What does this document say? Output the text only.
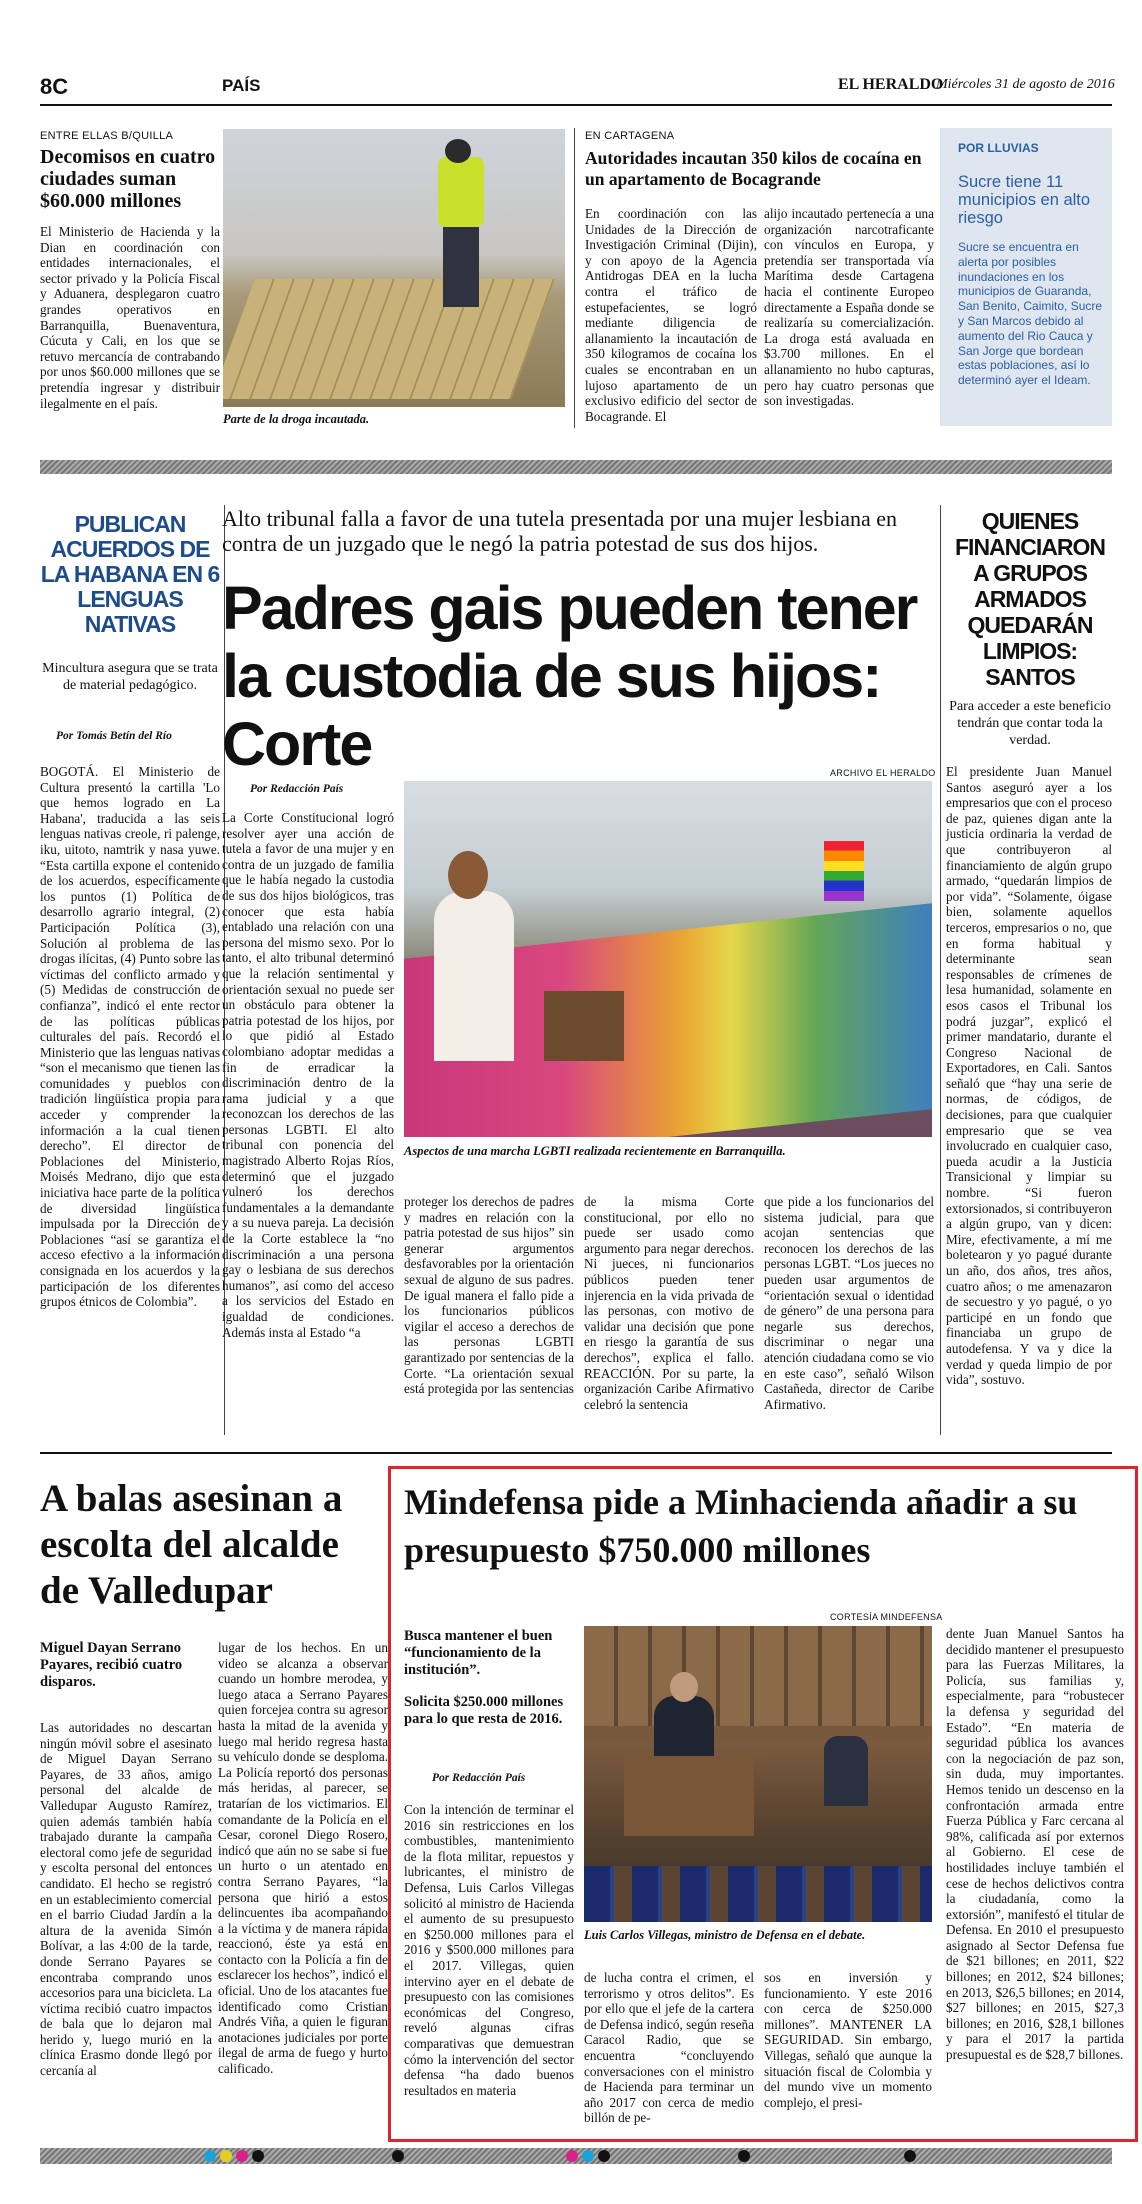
8C	PAÍS	EL HERALDO
Miércoles 31 de agosto de 2016
ENTRE ELLAS B/QUILLA
Decomisos en cuatro ciudades suman $60.000 millones
El Ministerio de Hacienda y la Dian en coordinación con entidades internacionales, el sector privado y la Policía Fiscal y Aduanera, desplegaron cuatro grandes operativos en Barranquilla, Buenaventura, Cúcuta y Cali, en los que se retuvo mercancía de contrabando por unos $60.000 millones que se pretendía ingresar y distribuir ilegalmente en el país.
Parte de la droga incautada.
EN CARTAGENA
Autoridades incautan 350 kilos de cocaína en un apartamento de Bocagrande
En coordinación con las Unidades de la Dirección de Investigación Criminal (Dijin), y con apoyo de la Agencia Antidrogas DEA en la lucha contra el tráfico de estupefacientes, se logró mediante diligencia de allanamiento la incautación de 350 kilogramos de cocaína los cuales se encontraban en un lujoso apartamento de un exclusivo edificio del sector de Bocagrande. El
alijo incautado pertenecía a una organización narcotraficante con vínculos en Europa, y pretendía ser transportada vía Marítima desde Cartagena hacia el continente Europeo directamente a España donde se realizaría su comercialización. La droga está avaluada en $3.700 millones. En el allanamiento no hubo capturas, pero hay cuatro personas que son investigadas.
POR LLUVIAS
Sucre tiene 11 municipios en alto riesgo
Sucre se encuentra en alerta por posibles inundaciones en los municipios de Guaranda, San Benito, Caimito, Sucre y San Marcos debido al aumento del Rio Cauca y San Jorge que bordean estas poblaciones, así lo determinó ayer el Ideam.
PUBLICAN ACUERDOS DE LA HABANA EN 6 LENGUAS NATIVAS
Mincultura asegura que se trata de material pedagógico.
Por Tomás Betín del Río
BOGOTÁ. El Ministerio de Cultura presentó la cartilla 'Lo que hemos logrado en La Habana', traducida a las seis lenguas nativas creole, ri palenge, iku, uitoto, namtrik y nasa yuwe. “Esta cartilla expone el contenido de los acuerdos, específicamente los puntos (1) Política de desarrollo agrario integral, (2) Participación Política (3), Solución al problema de las drogas ilícitas, (4) Punto sobre las víctimas del conflicto armado y (5) Medidas de construcción de confianza”, indicó el ente rector de las políticas públicas culturales del país. Recordó el Ministerio que las lenguas nativas “son el mecanismo que tienen las comunidades y pueblos con tradición lingüística propia para acceder y comprender la información a la cual tienen derecho”. El director de Poblaciones del Ministerio, Moisés Medrano, dijo que esta iniciativa hace parte de la política de diversidad lingüística impulsada por la Dirección de Poblaciones “así se garantiza el acceso efectivo a la información consignada en los acuerdos y la participación de los diferentes grupos étnicos de Colombia”.
Alto tribunal falla a favor de una tutela presentada por una mujer lesbiana en contra de un juzgado que le negó la patria potestad de sus dos hijos.
Padres gais pueden tener la custodia de sus hijos: Corte
Por Redacción País
ARCHIVO EL HERALDO
Aspectos de una marcha LGBTI realizada recientemente en Barranquilla.
La Corte Constitucional logró resolver ayer una acción de tutela a favor de una mujer y en contra de un juzgado de familia que le había negado la custodia de sus dos hijos biológicos, tras conocer que esta había entablado una relación con una persona del mismo sexo. Por lo tanto, el alto tribunal determinó que la relación sentimental y orientación sexual no puede ser un obstáculo para obtener la patria potestad de los hijos, por lo que pidió al Estado colombiano adoptar medidas a fin de erradicar la discriminación dentro de la rama judicial y a que reconozcan los derechos de las personas LGBTI. El alto tribunal con ponencia del magistrado Alberto Rojas Ríos, determinó que el juzgado vulneró los derechos fundamentales a la demandante y a su nueva pareja. La decisión de la Corte establece la “no discriminación a una persona gay o lesbiana de sus derechos humanos”, así como del acceso a los servicios del Estado en igualdad de condiciones. Además insta al Estado “a
proteger los derechos de padres y madres en relación con la patria potestad de sus hijos” sin generar argumentos desfavorables por la orientación sexual de alguno de sus padres. De igual manera el fallo pide a los funcionarios públicos vigilar el acceso a derechos de las personas LGBTI garantizado por sentencias de la Corte. “La orientación sexual está protegida por las sentencias
de la misma Corte constitucional, por ello no puede ser usado como argumento para negar derechos. Ni jueces, ni funcionarios públicos pueden tener injerencia en la vida privada de las personas, con motivo de validar una decisión que pone en riesgo la garantía de sus derechos”, explica el fallo. REACCIÓN. Por su parte, la organización Caribe Afirmativo celebró la sentencia
que pide a los funcionarios del sistema judicial, para que acojan sentencias que reconocen los derechos de las personas LGBT. “Los jueces no pueden usar argumentos de “orientación sexual o identidad de género” de una persona para negarle sus derechos, discriminar o negar una atención ciudadana como se vio en este caso”, señaló Wilson Castañeda, director de Caribe Afirmativo.
QUIENES FINANCIARON A GRUPOS ARMADOS QUEDARÁN LIMPIOS: SANTOS
Para acceder a este beneficio tendrán que contar toda la verdad.
El presidente Juan Manuel Santos aseguró ayer a los empresarios que con el proceso de paz, quienes digan ante la justicia ordinaria la verdad de que contribuyeron al financiamiento de algún grupo armado, “quedarán limpios de por vida”. “Solamente, óigase bien, solamente aquellos terceros, empresarios o no, que en forma habitual y determinante sean responsables de crímenes de lesa humanidad, solamente en esos casos el Tribunal los podrá juzgar”, explicó el primer mandatario, durante el Congreso Nacional de Exportadores, en Cali. Santos señaló que “hay una serie de normas, de códigos, de decisiones, para que cualquier empresario que se vea involucrado en cualquier caso, pueda acudir a la Justicia Transicional y limpiar su nombre. “Si fueron extorsionados, si contribuyeron a algún grupo, van y dicen: Mire, efectivamente, a mí me boletearon y yo pagué durante un año, dos años, tres años, cuatro años; o me amenazaron de secuestro y yo pagué, o yo participé en un fondo que financiaba un grupo de autodefensa. Y va y dice la verdad y queda limpio de por vida”, sostuvo.
A balas asesinan a escolta del alcalde de Valledupar
Miguel Dayan Serrano Payares, recibió cuatro disparos.
Las autoridades no descartan ningún móvil sobre el asesinato de Miguel Dayan Serrano Payares, de 33 años, amigo personal del alcalde de Valledupar Augusto Ramírez, quien además también había trabajado durante la campaña electoral como jefe de seguridad y escolta personal del entonces candidato. El hecho se registró en un establecimiento comercial en el barrio Ciudad Jardín a la altura de la avenida Simón Bolívar, a las 4:00 de la tarde, donde Serrano Payares se encontraba comprando unos accesorios para una bicicleta. La víctima recibió cuatro impactos de bala que lo dejaron mal herido y, luego murió en la clínica Erasmo donde llegó por cercanía al
lugar de los hechos. En un video se alcanza a observar cuando un hombre merodea, y luego ataca a Serrano Payares quien forcejea contra su agresor hasta la mitad de la avenida y luego mal herido regresa hasta su vehículo donde se desploma. La Policía reportó dos personas más heridas, al parecer, se tratarían de los victimarios. El comandante de la Policía en el Cesar, coronel Diego Rosero, indicó que aún no se sabe si fue un hurto o un atentado en contra Serrano Payares, “la persona que hirió a estos delincuentes iba acompañando a la víctima y de manera rápida reaccionó, éste ya está en contacto con la Policía a fin de esclarecer los hechos”, indicó el oficial. Uno de los atacantes fue identificado como Cristian Andrés Viña, a quien le figuran anotaciones judiciales por porte ilegal de arma de fuego y hurto calificado.
Mindefensa pide a Minhacienda añadir a su presupuesto $750.000 millones
Busca mantener el buen “funcionamiento de la institución”.
Solicita $250.000 millones para lo que resta de 2016.
Por Redacción País
Con la intención de terminar el 2016 sin restricciones en los combustibles, mantenimiento de la flota militar, repuestos y lubricantes, el ministro de Defensa, Luis Carlos Villegas solicitó al ministro de Hacienda el aumento de su presupuesto en $250.000 millones para el 2016 y $500.000 millones para el 2017. Villegas, quien intervino ayer en el debate de presupuesto con las comisiones económicas del Congreso, reveló algunas cifras comparativas que demuestran cómo la intervención del sector defensa “ha dado buenos resultados en materia
CORTESÍA MINDEFENSA
Luis Carlos Villegas, ministro de Defensa en el debate.
de lucha contra el crimen, el terrorismo y otros delitos”. Es por ello que el jefe de la cartera de Defensa indicó, según reseña Caracol Radio, que se encuentra “concluyendo conversaciones con el ministro de Hacienda para terminar un año 2017 con cerca de medio billón de pe-
sos en inversión y funcionamiento. Y este 2016 con cerca de $250.000 millones”. MANTENER LA SEGURIDAD. Sin embargo, Villegas, señaló que aunque la situación fiscal de Colombia y del mundo vive un momento complejo, el presi-
dente Juan Manuel Santos ha decidido mantener el presupuesto para las Fuerzas Militares, la Policía, sus familias y, especialmente, para “robustecer la defensa y seguridad del Estado”. “En materia de seguridad pública los avances con la negociación de paz son, sin duda, muy importantes. Hemos tenido un descenso en la confrontación armada entre Fuerza Pública y Farc cercana al 98%, calificada así por externos al Gobierno. El cese de hostilidades incluye también el cese de hechos delictivos contra la ciudadanía, como la extorsión”, manifestó el titular de Defensa. En 2010 el presupuesto asignado al Sector Defensa fue de $21 billones; en 2011, $22 billones; en 2012, $24 billones; en 2013, $26,5 billones; en 2014, $27 billones; en 2015, $27,3 billones; en 2016, $28,1 billones y para el 2017 la partida presupuestal es de $28,7 billones.
